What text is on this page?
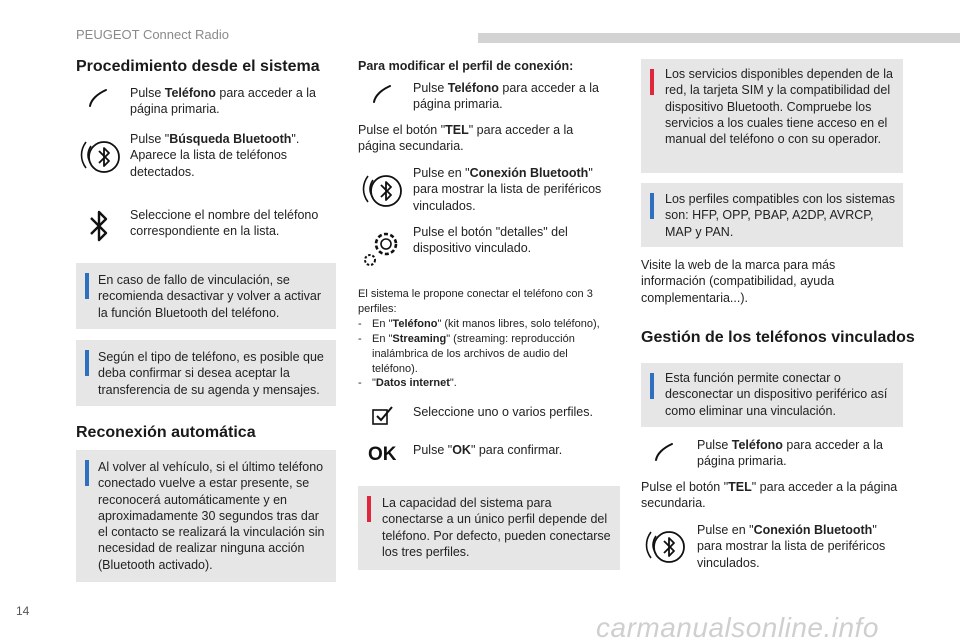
PEUGEOT Connect Radio
Procedimiento desde el sistema
Pulse Teléfono para acceder a la página primaria.
Pulse "Búsqueda Bluetooth". Aparece la lista de teléfonos detectados.
Seleccione el nombre del teléfono correspondiente en la lista.
En caso de fallo de vinculación, se recomienda desactivar y volver a activar la función Bluetooth del teléfono.
Según el tipo de teléfono, es posible que deba confirmar si desea aceptar la transferencia de su agenda y mensajes.
Reconexión automática
Al volver al vehículo, si el último teléfono conectado vuelve a estar presente, se reconocerá automáticamente y en aproximadamente 30 segundos tras dar el contacto se realizará la vinculación sin necesidad de realizar ninguna acción (Bluetooth activado).
Para modificar el perfil de conexión:
Pulse Teléfono para acceder a la página primaria.
Pulse el botón "TEL" para acceder a la página secundaria.
Pulse en "Conexión Bluetooth" para mostrar la lista de periféricos vinculados.
Pulse el botón "detalles" del dispositivo vinculado.
El sistema le propone conectar el teléfono con 3 perfiles:
- En "Teléfono" (kit manos libres, solo teléfono),
- En "Streaming" (streaming: reproducción inalámbrica de los archivos de audio del teléfono).
- "Datos internet".
Seleccione uno o varios perfiles.
OK Pulse "OK" para confirmar.
La capacidad del sistema para conectarse a un único perfil depende del teléfono. Por defecto, pueden conectarse los tres perfiles.
Los servicios disponibles dependen de la red, la tarjeta SIM y la compatibilidad del dispositivo Bluetooth. Compruebe los servicios a los cuales tiene acceso en el manual del teléfono o con su operador.
Los perfiles compatibles con los sistemas son: HFP, OPP, PBAP, A2DP, AVRCP, MAP y PAN.
Visite la web de la marca para más información (compatibilidad, ayuda complementaria...).
Gestión de los teléfonos vinculados
Esta función permite conectar o desconectar un dispositivo periférico así como eliminar una vinculación.
Pulse Teléfono para acceder a la página primaria.
Pulse el botón "TEL" para acceder a la página secundaria.
Pulse en "Conexión Bluetooth" para mostrar la lista de periféricos vinculados.
14
carmanualsonline.info
